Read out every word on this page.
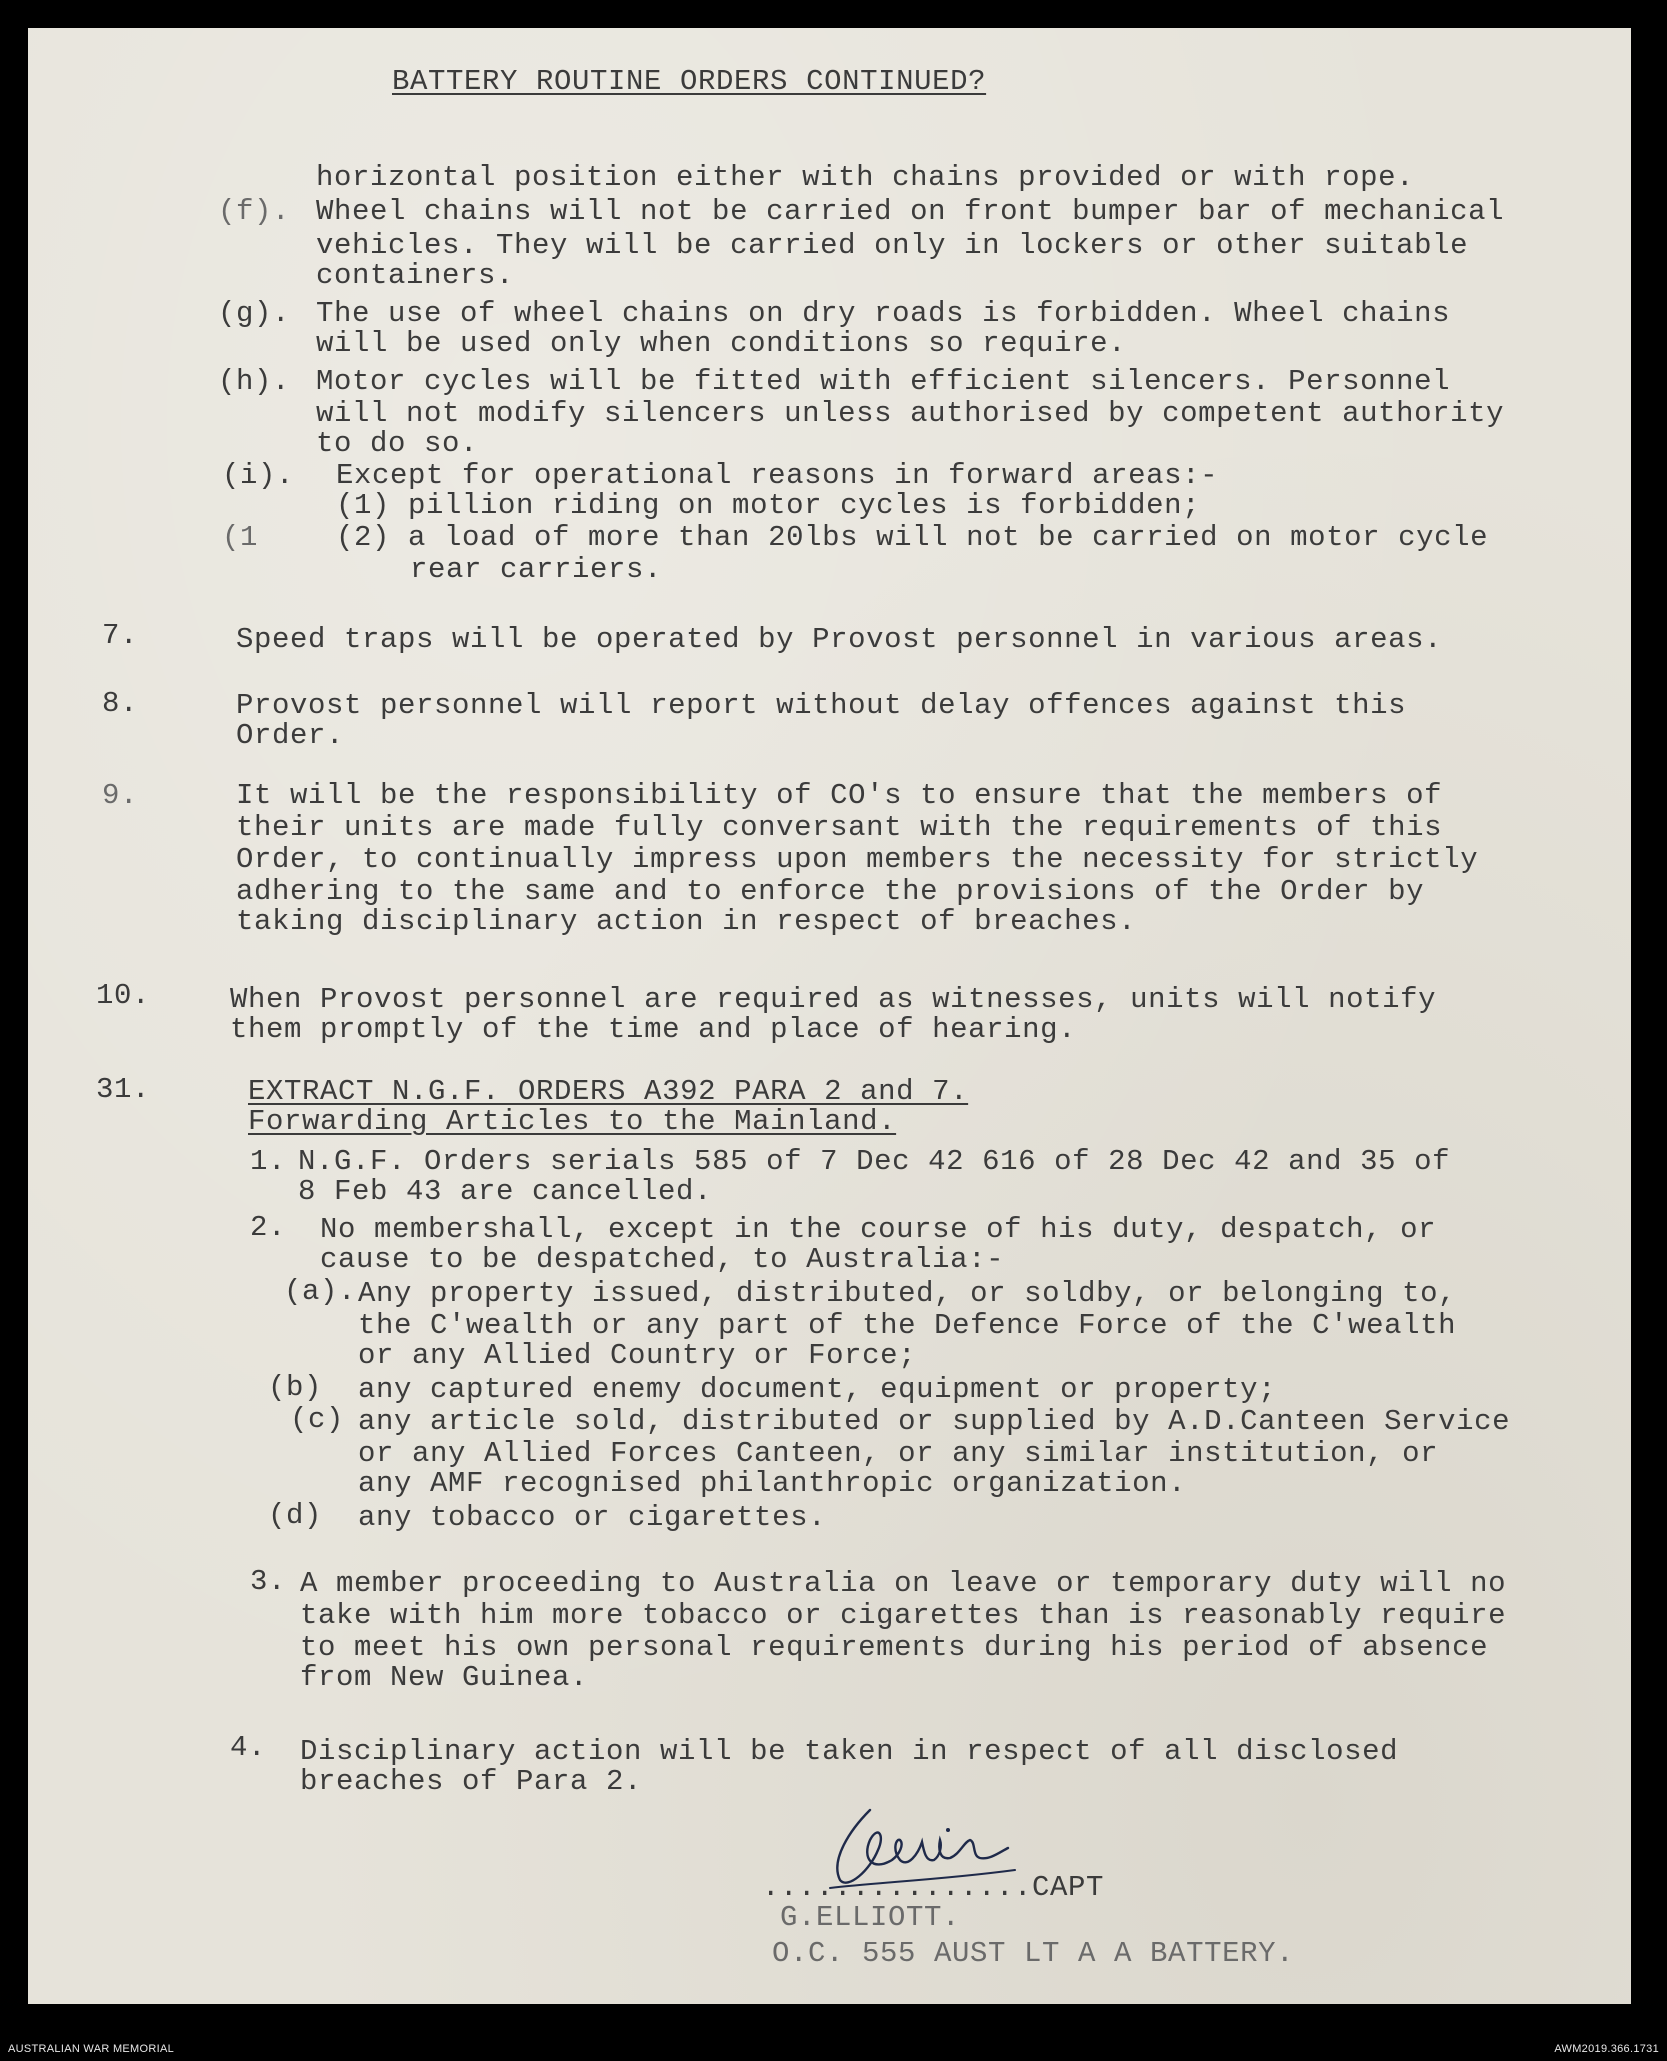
BATTERY ROUTINE ORDERS CONTINUED?
horizontal position either with chains provided or with rope.
(f). Wheel chains will not be carried on front bumper bar of mechanical
vehicles. They will be carried only in lockers or other suitable
containers.
(g). The use of wheel chains on dry roads is forbidden. Wheel chains
will be used only when conditions so require.
(h). Motor cycles will be fitted with efficient silencers. Personnel
will not modify silencers unless authorised by competent authority
to do so.
(i). Except for operational reasons in forward areas:-
(1) pillion riding on motor cycles is forbidden;
(1	(2) a load of more than 20lbs will not be carried on motor cycle
rear carriers.
7.	Speed traps will be operated by Provost personnel in various areas.
8.	Provost personnel will report without delay offences against this
Order.
9.	It will be the responsibility of CO's to ensure that the members of
their units are made fully conversant with the requirements of this
Order, to continually impress upon members the necessity for strictly
adhering to the same and to enforce the provisions of the Order by
taking disciplinary action in respect of breaches.
10.	When Provost personnel are required as witnesses, units will notify
them promptly of the time and place of hearing.
31.	EXTRACT N.G.F. ORDERS A392 PARA 2 and 7.
Forwarding Articles to the Mainland.
1. N.G.F. Orders serials 585 of 7 Dec 42 616 of 28 Dec 42 and 35 of
8 Feb 43 are cancelled.
2. No membershall, except in the course of his duty, despatch, or
cause to be despatched, to Australia:-
(a). Any property issued, distributed, or soldby, or belonging to,
the C'wealth or any part of the Defence Force of the C'wealth
or any Allied Country or Force;
(b) any captured enemy document, equipment or property;
(c) any article sold, distributed or supplied by A.D.Canteen Service
or any Allied Forces Canteen, or any similar institution, or
any AMF recognised philanthropic organization.
(d) any tobacco or cigarettes.
3. A member proceeding to Australia on leave or temporary duty will no
take with him more tobacco or cigarettes than is reasonably require
to meet his own personal requirements during his period of absence
from New Guinea.
4. Disciplinary action will be taken in respect of all disclosed
breaches of Para 2.
...............CAPT
G.ELLIOTT.
O.C. 555 AUST LT A A BATTERY.
AUSTRALIAN WAR MEMORIAL	AWM2019.366.1731
